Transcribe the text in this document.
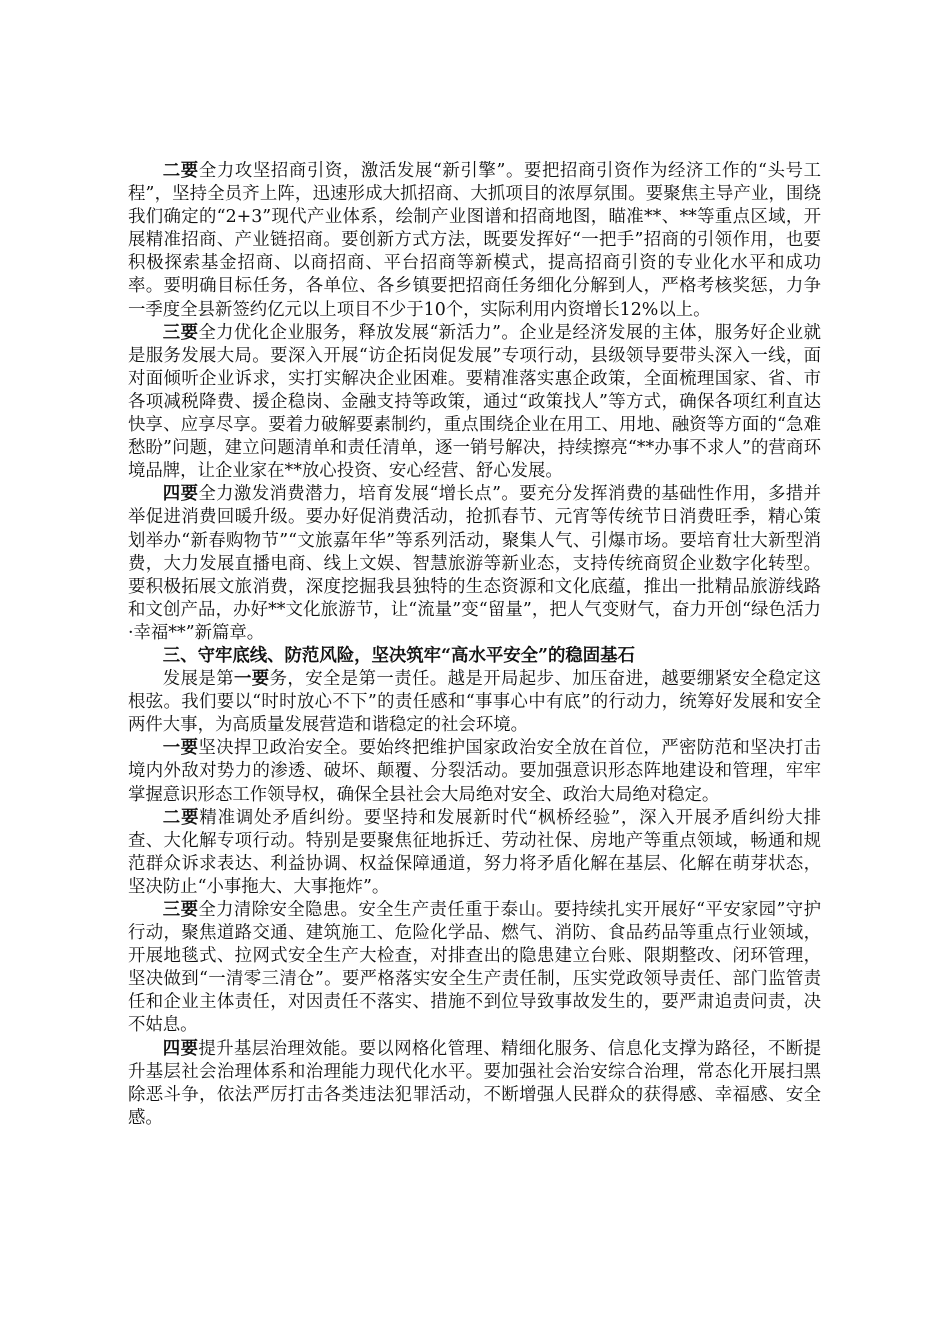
二要全力攻坚招商引资，激活发展“新引擎”。要把招商引资作为经济工作的“头号工程”，坚持全员齐上阵，迅速形成大抓招商、大抓项目的浓厚氛围。要聚焦主导产业，围绕我们确定的“2+3”现代产业体系，绘制产业图谱和招商地图，瞄准**、**等重点区域，开展精准招商、产业链招商。要创新方式方法，既要发挥好“一把手”招商的引领作用，也要积极探索基金招商、以商招商、平台招商等新模式，提高招商引资的专业化水平和成功率。要明确目标任务，各单位、各乡镇要把招商任务细化分解到人，严格考核奖惩，力争一季度全县新签约亿元以上项目不少于10个，实际利用内资增长12%以上。

三要全力优化企业服务，释放发展“新活力”。企业是经济发展的主体，服务好企业就是服务发展大局。要深入开展“访企拓岗促发展”专项行动，县级领导要带头深入一线，面对面倾听企业诉求，实打实解决企业困难。要精准落实惠企政策，全面梳理国家、省、市各项减税降费、援企稳岗、金融支持等政策，通过“政策找人”等方式，确保各项红利直达快享、应享尽享。要着力破解要素制约，重点围绕企业在用工、用地、融资等方面的“急难愁盼”问题，建立问题清单和责任清单，逐一销号解决，持续擦亮“**办事不求人”的营商环境品牌，让企业家在**放心投资、安心经营、舒心发展。

四要全力激发消费潜力，培育发展“增长点”。要充分发挥消费的基础性作用，多措并举促进消费回暖升级。要办好促消费活动，抢抓春节、元宵等传统节日消费旺季，精心策划举办“新春购物节”“文旅嘉年华”等系列活动，聚集人气、引爆市场。要培育壮大新型消费，大力发展直播电商、线上文娱、智慧旅游等新业态，支持传统商贸企业数字化转型。要积极拓展文旅消费，深度挖掘我县独特的生态资源和文化底蕴，推出一批精品旅游线路和文创产品，办好**文化旅游节，让“流量”变“留量”，把人气变财气，奋力开创“绿色活力·幸福**”新篇章。

三、守牢底线、防范风险，坚决筑牢“高水平安全”的稳固基石

发展是第一要务，安全是第一责任。越是开局起步、加压奋进，越要绷紧安全稳定这根弦。我们要以“时时放心不下”的责任感和“事事心中有底”的行动力，统筹好发展和安全两件大事，为高质量发展营造和谐稳定的社会环境。

一要坚决捍卫政治安全。要始终把维护国家政治安全放在首位，严密防范和坚决打击境内外敌对势力的渗透、破坏、颠覆、分裂活动。要加强意识形态阵地建设和管理，牢牢掌握意识形态工作领导权，确保全县社会大局绝对安全、政治大局绝对稳定。

二要精准调处矛盾纠纷。要坚持和发展新时代“枫桥经验”，深入开展矛盾纠纷大排查、大化解专项行动。特别是要聚焦征地拆迁、劳动社保、房地产等重点领域，畅通和规范群众诉求表达、利益协调、权益保障通道，努力将矛盾化解在基层、化解在萌芽状态，坚决防止“小事拖大、大事拖炸”。

三要全力清除安全隐患。安全生产责任重于泰山。要持续扎实开展好“平安家园”守护行动，聚焦道路交通、建筑施工、危险化学品、燃气、消防、食品药品等重点行业领域，开展地毯式、拉网式安全生产大检查，对排查出的隐患建立台账、限期整改、闭环管理，坚决做到“一清零三清仓”。要严格落实安全生产责任制，压实党政领导责任、部门监管责任和企业主体责任，对因责任不落实、措施不到位导致事故发生的，要严肃追责问责，决不姑息。

四要提升基层治理效能。要以网格化管理、精细化服务、信息化支撑为路径，不断提升基层社会治理体系和治理能力现代化水平。要加强社会治安综合治理，常态化开展扫黑除恶斗争，依法严厉打击各类违法犯罪活动，不断增强人民群众的获得感、幸福感、安全感。
